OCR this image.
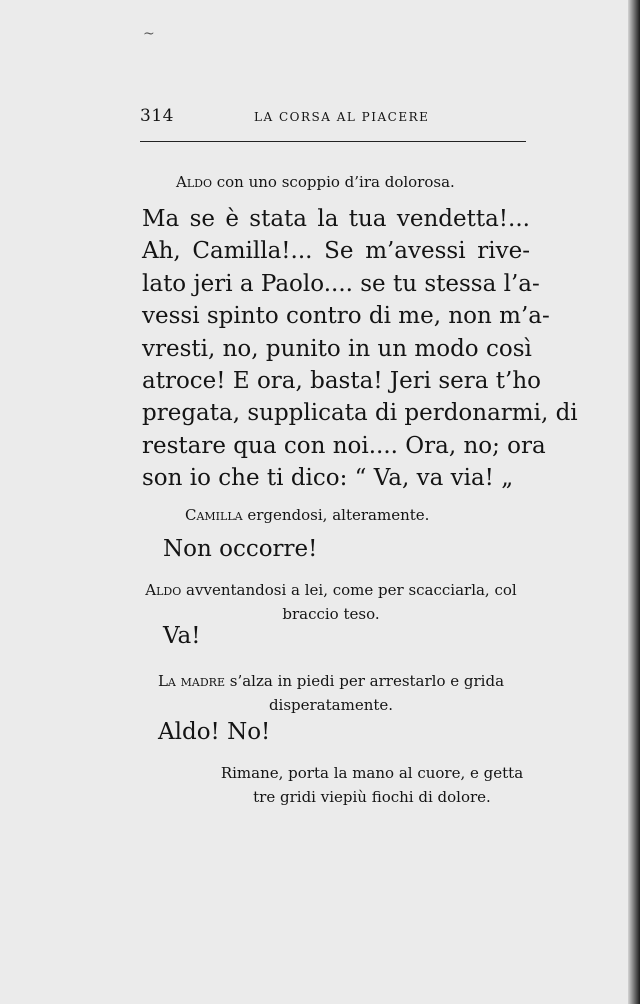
~
314	LA CORSA AL PIACERE
Aldo con uno scoppio d’ira dolorosa.
Ma se è stata la tua vendetta!...
Ah, Camilla!... Se m’avessi rive-
lato jeri a Paolo.... se tu stessa l’a-
vessi spinto contro di me, non m’a-
vresti, no, punito in un modo così
atroce! E ora, basta! Jeri sera t’ho
pregata, supplicata di perdonarmi, di
restare qua con noi.... Ora, no; ora
son io che ti dico: “ Va, va via! „
Camilla ergendosi, alteramente.
Non occorre!
Aldo avventandosi a lei, come per scacciarla, col braccio teso.
Va!
La madre s’alza in piedi per arrestarlo e grida disperatamente.
Aldo! No!
Rimane, porta la mano al cuore, e getta tre gridi viepiù fiochi di dolore.
